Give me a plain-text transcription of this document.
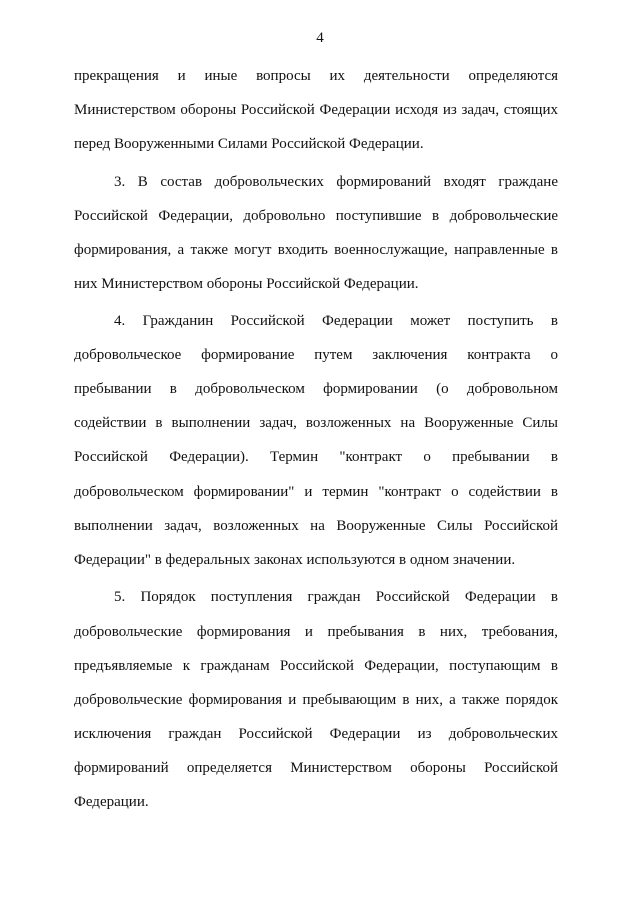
4
прекращения и иные вопросы их деятельности определяются
Министерством обороны Российской Федерации исходя из задач, стоящих
перед Вооруженными Силами Российской Федерации.
3. В состав добровольческих формирований входят граждане
Российской Федерации, добровольно поступившие в добровольческие
формирования, а также могут входить военнослужащие, направленные в
них Министерством обороны Российской Федерации.
4. Гражданин Российской Федерации может поступить в
добровольческое формирование путем заключения контракта о
пребывании в добровольческом формировании (о добровольном
содействии в выполнении задач, возложенных на Вооруженные Силы
Российской Федерации). Термин "контракт о пребывании в
добровольческом формировании" и термин "контракт о содействии в
выполнении задач, возложенных на Вооруженные Силы Российской
Федерации" в федеральных законах используются в одном значении.
5. Порядок поступления граждан Российской Федерации в
добровольческие формирования и пребывания в них, требования,
предъявляемые к гражданам Российской Федерации, поступающим в
добровольческие формирования и пребывающим в них, а также порядок
исключения граждан Российской Федерации из добровольческих
формирований определяется Министерством обороны Российской
Федерации.
